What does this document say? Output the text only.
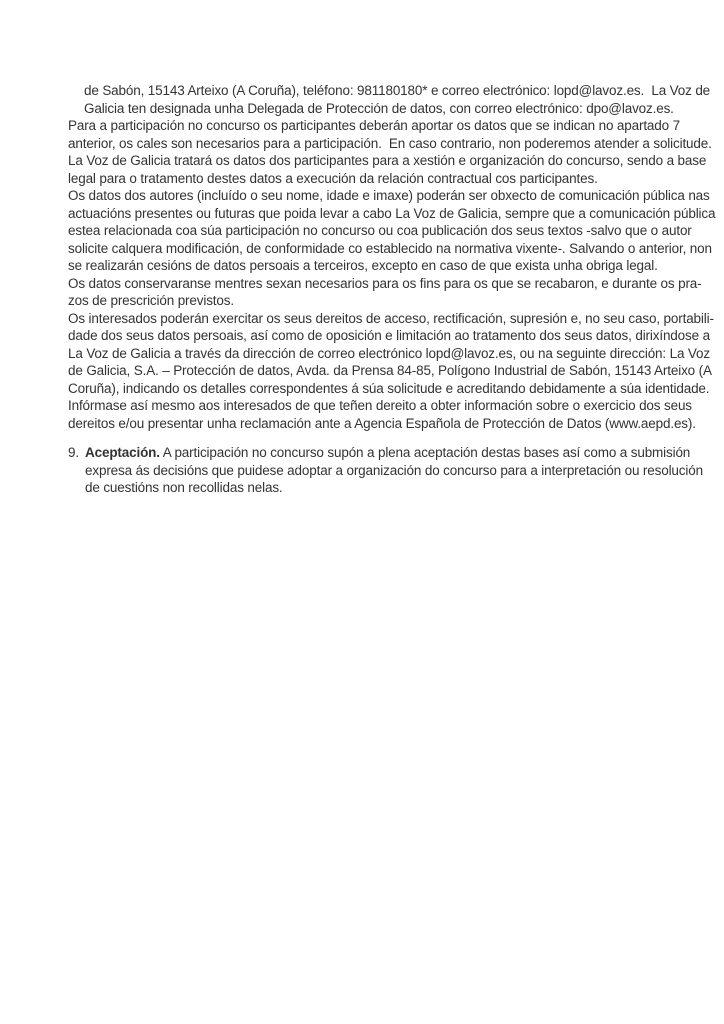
de Sabón, 15143 Arteixo (A Coruña), teléfono: 981180180* e correo electrónico: lopd@lavoz.es.  La Voz de
Galicia ten designada unha Delegada de Protección de datos, con correo electrónico: dpo@lavoz.es.
Para a participación no concurso os participantes deberán aportar os datos que se indican no apartado 7
anterior, os cales son necesarios para a participación.  En caso contrario, non poderemos atender a solicitude.
La Voz de Galicia tratará os datos dos participantes para a xestión e organización do concurso, sendo a base
legal para o tratamento destes datos a execución da relación contractual cos participantes.
Os datos dos autores (incluído o seu nome, idade e imaxe) poderán ser obxecto de comunicación pública nas
actuacións presentes ou futuras que poida levar a cabo La Voz de Galicia, sempre que a comunicación pública
estea relacionada coa súa participación no concurso ou coa publicación dos seus textos -salvo que o autor
solicite calquera modificación, de conformidade co establecido na normativa vixente-. Salvando o anterior, non
se realizarán cesións de datos persoais a terceiros, excepto en caso de que exista unha obriga legal.
Os datos conservaranse mentres sexan necesarios para os fins para os que se recabaron, e durante os pra-
zos de prescrición previstos.
Os interesados poderán exercitar os seus dereitos de acceso, rectificación, supresión e, no seu caso, portabili-
dade dos seus datos persoais, así como de oposición e limitación ao tratamento dos seus datos, dirixíndose a
La Voz de Galicia a través da dirección de correo electrónico lopd@lavoz.es, ou na seguinte dirección: La Voz
de Galicia, S.A. – Protección de datos, Avda. da Prensa 84-85, Polígono Industrial de Sabón, 15143 Arteixo (A
Coruña), indicando os detalles correspondentes á súa solicitude e acreditando debidamente a súa identidade.
Infórmase así mesmo aos interesados de que teñen dereito a obter información sobre o exercicio dos seus
dereitos e/ou presentar unha reclamación ante a Agencia Española de Protección de Datos (www.aepd.es).
9. Aceptación. A participación no concurso supón a plena aceptación destas bases así como a submisión
expresa ás decisións que puidese adoptar a organización do concurso para a interpretación ou resolución
de cuestións non recollidas nelas.
